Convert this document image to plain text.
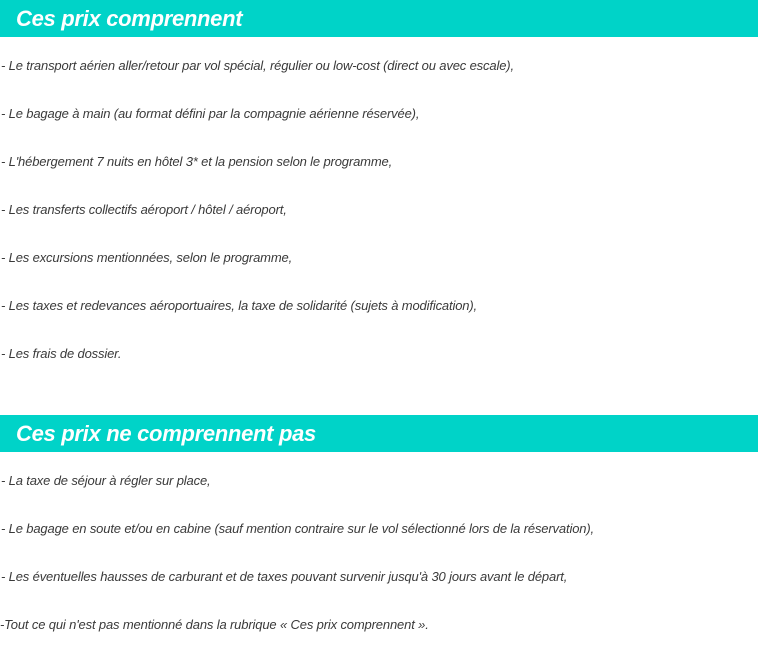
Ces prix comprennent
- Le transport aérien aller/retour par vol spécial, régulier ou low-cost (direct ou avec escale),
- Le bagage à main (au format défini par la compagnie aérienne réservée),
- L'hébergement 7 nuits en hôtel 3* et la pension selon le programme,
- Les transferts collectifs aéroport / hôtel / aéroport,
- Les excursions mentionnées, selon le programme,
- Les taxes et redevances aéroportuaires, la taxe de solidarité (sujets à modification),
- Les frais de dossier.
Ces prix ne comprennent pas
- La taxe de séjour à régler sur place,
- Le bagage en soute et/ou en cabine (sauf mention contraire sur le vol sélectionné lors de la réservation),
- Les éventuelles hausses de carburant et de taxes pouvant survenir jusqu'à 30 jours avant le départ,
-Tout ce qui n'est pas mentionné dans la rubrique « Ces prix comprennent ».
